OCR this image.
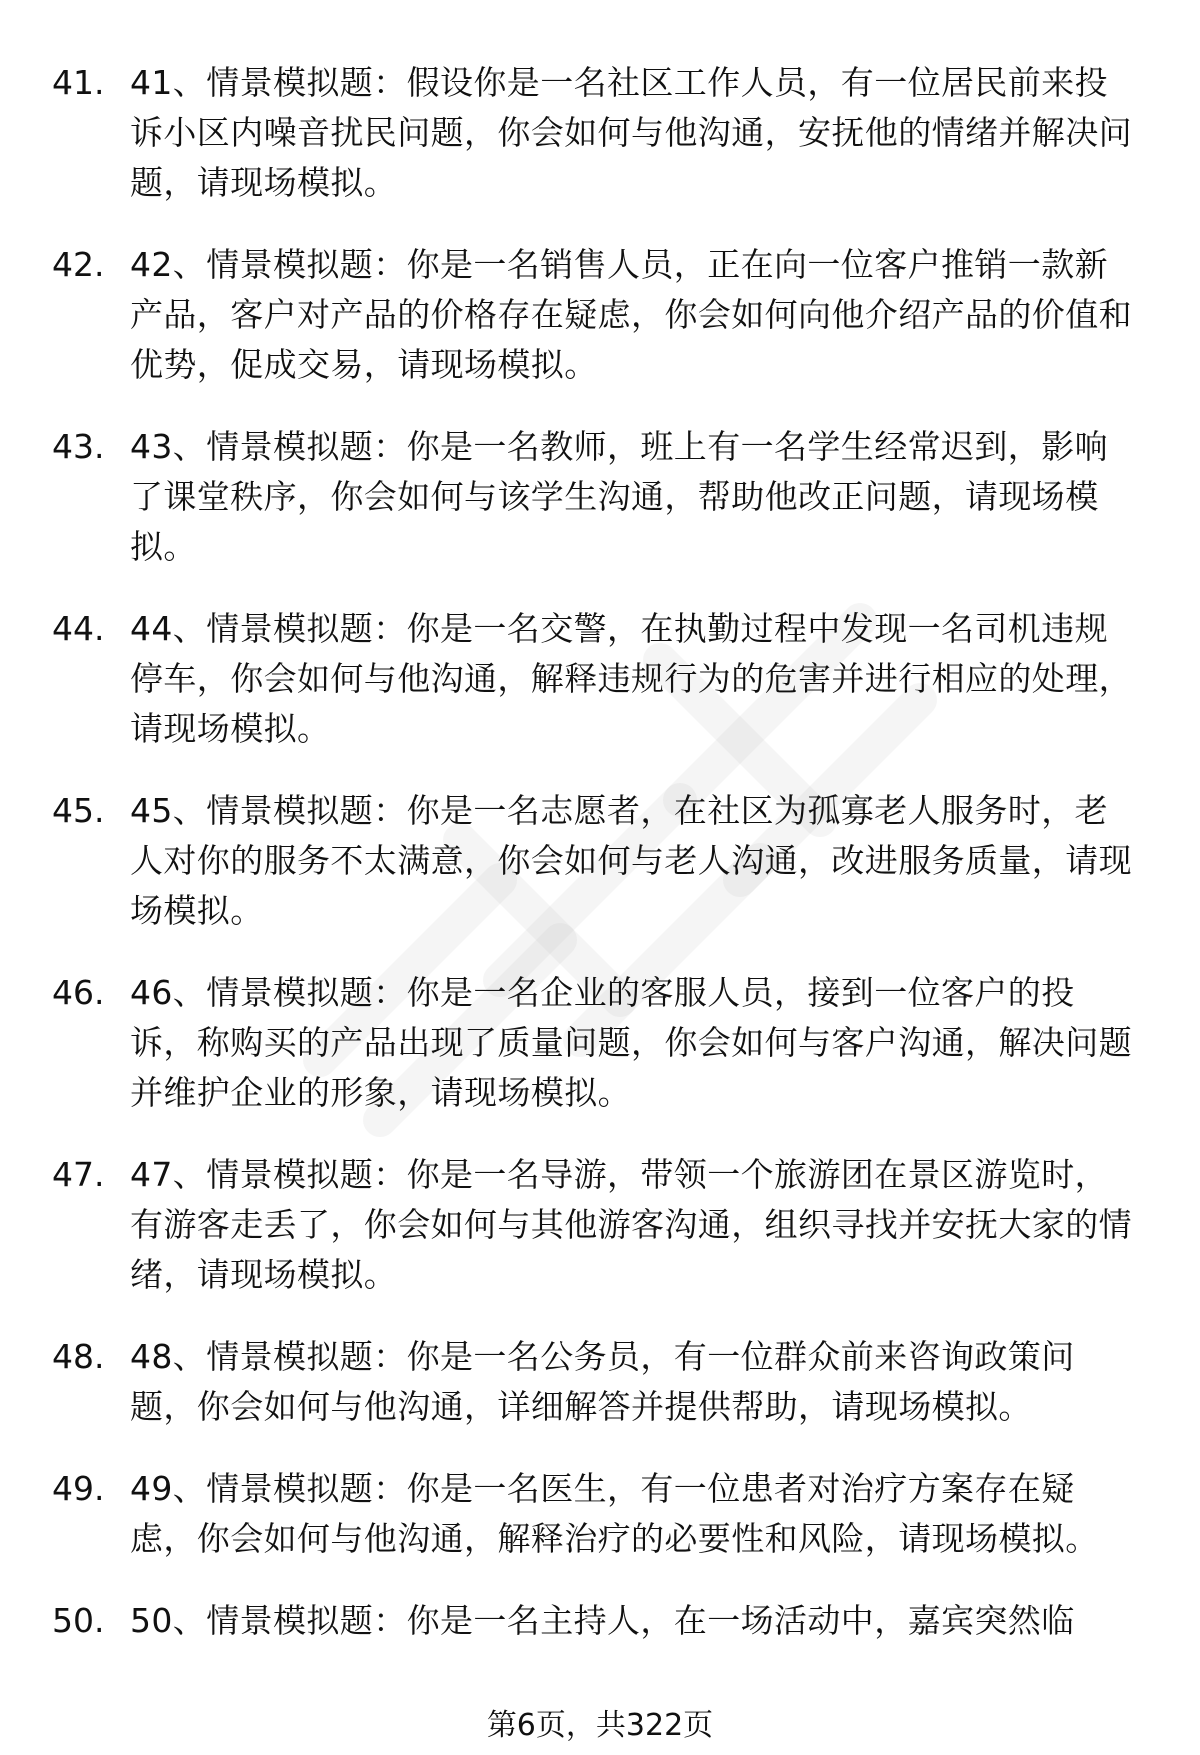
41. 41、情景模拟题：假设你是一名社区工作人员，有一位居民前来投诉小区内噪音扰民问题，你会如何与他沟通，安抚他的情绪并解决问题，请现场模拟。
42. 42、情景模拟题：你是一名销售人员，正在向一位客户推销一款新产品，客户对产品的价格存在疑虑，你会如何向他介绍产品的价值和优势，促成交易，请现场模拟。
43. 43、情景模拟题：你是一名教师，班上有一名学生经常迟到，影响了课堂秩序，你会如何与该学生沟通，帮助他改正问题，请现场模拟。
44. 44、情景模拟题：你是一名交警，在执勤过程中发现一名司机违规停车，你会如何与他沟通，解释违规行为的危害并进行相应的处理，请现场模拟。
45. 45、情景模拟题：你是一名志愿者，在社区为孤寡老人服务时，老人对你的服务不太满意，你会如何与老人沟通，改进服务质量，请现场模拟。
46. 46、情景模拟题：你是一名企业的客服人员，接到一位客户的投诉，称购买的产品出现了质量问题，你会如何与客户沟通，解决问题并维护企业的形象，请现场模拟。
47. 47、情景模拟题：你是一名导游，带领一个旅游团在景区游览时，有游客走丢了，你会如何与其他游客沟通，组织寻找并安抚大家的情绪，请现场模拟。
48. 48、情景模拟题：你是一名公务员，有一位群众前来咨询政策问题，你会如何与他沟通，详细解答并提供帮助，请现场模拟。
49. 49、情景模拟题：你是一名医生，有一位患者对治疗方案存在疑虑，你会如何与他沟通，解释治疗的必要性和风险，请现场模拟。
50. 50、情景模拟题：你是一名主持人，在一场活动中，嘉宾突然临
第6页，共322页
